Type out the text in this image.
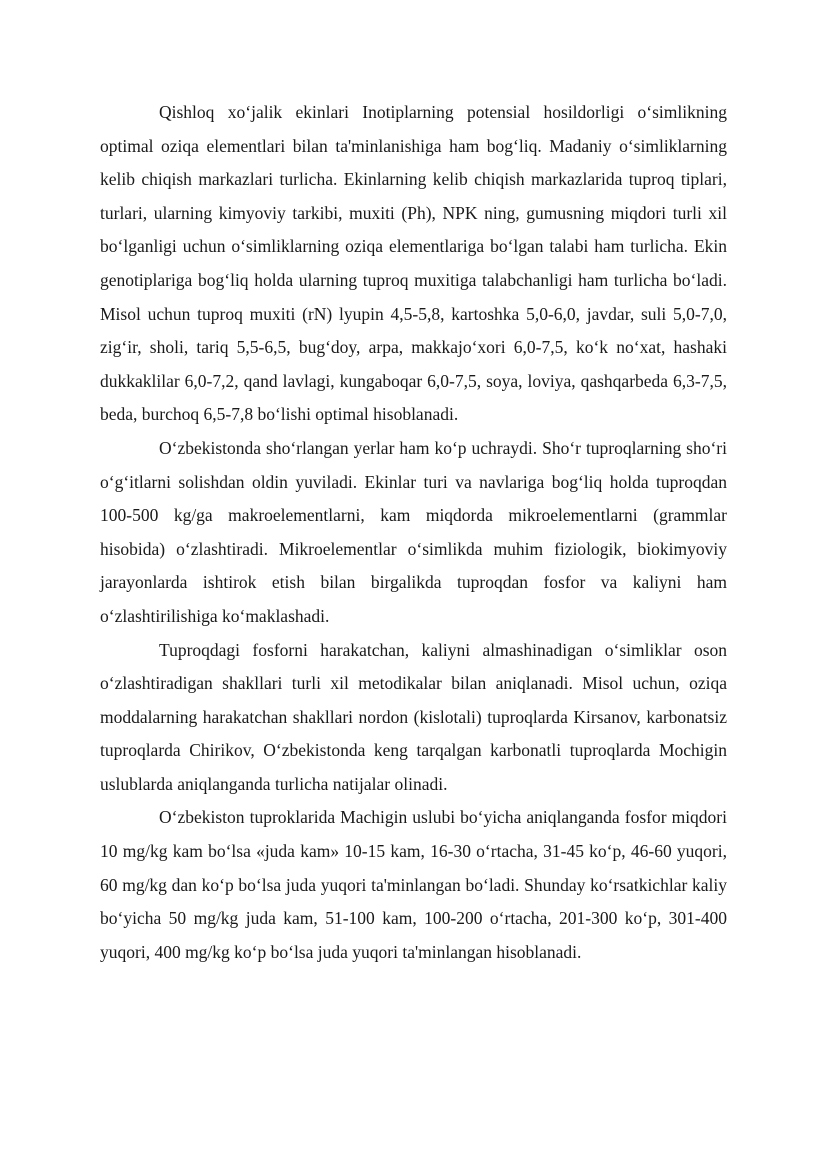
Qishloq xo‘jalik ekinlari Inotiplarning potensial hosildorligi o‘simlikning optimal oziqa elementlari bilan ta'minlanishiga ham bog‘liq. Madaniy o‘simliklarning kelib chiqish markazlari turlicha. Ekinlarning kelib chiqish markazlarida tuproq tiplari, turlari, ularning kimyoviy tarkibi, muxiti (Ph), NPK ning, gumusning miqdori turli xil bo‘lganligi uchun o‘simliklarning oziqa elementlariga bo‘lgan talabi ham turlicha. Ekin genotiplariga bog‘liq holda ularning tuproq muxitiga talabchanligi ham turlicha bo‘ladi. Misol uchun tuproq muxiti (rN) lyupin 4,5-5,8, kartoshka 5,0-6,0, javdar, suli 5,0-7,0, zig‘ir, sholi, tariq 5,5-6,5, bug‘doy, arpa, makkajo‘xori 6,0-7,5, ko‘k no‘xat, hashaki dukkaklilar 6,0-7,2, qand lavlagi, kungaboqar 6,0-7,5, soya, loviya, qashqarbeda 6,3-7,5, beda, burchoq 6,5-7,8 bo‘lishi optimal hisoblanadi.

O‘zbekistonda sho‘rlangan yerlar ham ko‘p uchraydi. Sho‘r tuproqlarning sho‘ri o‘g‘itlarni solishdan oldin yuviladi. Ekinlar turi va navlariga bog‘liq holda tuproqdan 100-500 kg/ga makroelementlarni, kam miqdorda mikroelementlarni (grammlar hisobida) o‘zlashtiradi. Mikroelementlar o‘simlikda muhim fiziologik, biokimyoviy jarayonlarda ishtirok etish bilan birgalikda tuproqdan fosfor va kaliyni ham o‘zlashtirilishiga ko‘maklashadi.

Tuproqdagi fosforni harakatchan, kaliyni almashinadigan o‘simliklar oson o‘zlashtiradigan shakllari turli xil metodikalar bilan aniqlanadi. Misol uchun, oziqa moddalarning harakatchan shakllari nordon (kislotali) tuproqlarda Kirsanov, karbonatsiz tuproqlarda Chirikov, O‘zbekistonda keng tarqalgan karbonatli tuproqlarda Mochigin uslublarda aniqlanganda turlicha natijalar olinadi.

O‘zbekiston tuproklarida Machigin uslubi bo‘yicha aniqlanganda fosfor miqdori 10 mg/kg kam bo‘lsa «juda kam» 10-15 kam, 16-30 o‘rtacha, 31-45 ko‘p, 46-60 yuqori, 60 mg/kg dan ko‘p bo‘lsa juda yuqori ta'minlangan bo‘ladi. Shunday ko‘rsatkichlar kaliy bo‘yicha 50 mg/kg juda kam, 51-100 kam, 100-200 o‘rtacha, 201-300 ko‘p, 301-400 yuqori, 400 mg/kg ko‘p bo‘lsa juda yuqori ta'minlangan hisoblanadi.
